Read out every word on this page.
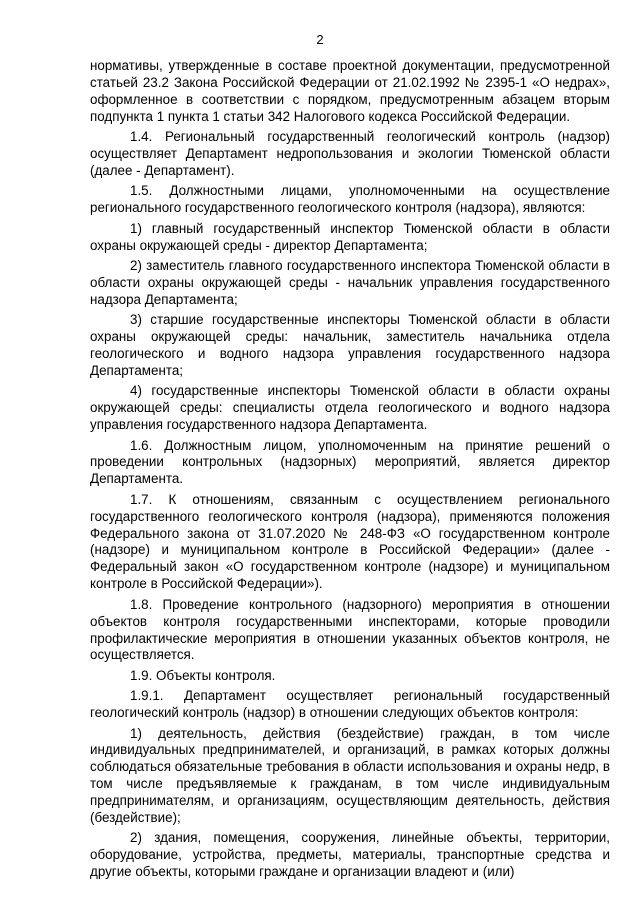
2

нормативы, утвержденные в составе проектной документации, предусмотренной статьей 23.2 Закона Российской Федерации от 21.02.1992 № 2395-1 «О недрах», оформленное в соответствии с порядком, предусмотренным абзацем вторым подпункта 1 пункта 1 статьи 342 Налогового кодекса Российской Федерации.

1.4. Региональный государственный геологический контроль (надзор) осуществляет Департамент недропользования и экологии Тюменской области (далее - Департамент).

1.5. Должностными лицами, уполномоченными на осуществление регионального государственного геологического контроля (надзора), являются:

1) главный государственный инспектор Тюменской области в области охраны окружающей среды - директор Департамента;

2) заместитель главного государственного инспектора Тюменской области в области охраны окружающей среды - начальник управления государственного надзора Департамента;

3) старшие государственные инспекторы Тюменской области в области охраны окружающей среды: начальник, заместитель начальника отдела геологического и водного надзора управления государственного надзора Департамента;

4) государственные инспекторы Тюменской области в области охраны окружающей среды: специалисты отдела геологического и водного надзора управления государственного надзора Департамента.

1.6. Должностным лицом, уполномоченным на принятие решений о проведении контрольных (надзорных) мероприятий, является директор Департамента.

1.7. К отношениям, связанным с осуществлением регионального государственного геологического контроля (надзора), применяются положения Федерального закона от 31.07.2020 № 248-ФЗ «О государственном контроле (надзоре) и муниципальном контроле в Российской Федерации» (далее - Федеральный закон «О государственном контроле (надзоре) и муниципальном контроле в Российской Федерации»).

1.8. Проведение контрольного (надзорного) мероприятия в отношении объектов контроля государственными инспекторами, которые проводили профилактические мероприятия в отношении указанных объектов контроля, не осуществляется.

1.9. Объекты контроля.

1.9.1. Департамент осуществляет региональный государственный геологический контроль (надзор) в отношении следующих объектов контроля:

1) деятельность, действия (бездействие) граждан, в том числе индивидуальных предпринимателей, и организаций, в рамках которых должны соблюдаться обязательные требования в области использования и охраны недр, в том числе предъявляемые к гражданам, в том числе индивидуальным предпринимателям, и организациям, осуществляющим деятельность, действия (бездействие);

2) здания, помещения, сооружения, линейные объекты, территории, оборудование, устройства, предметы, материалы, транспортные средства и другие объекты, которыми граждане и организации владеют и (или)
